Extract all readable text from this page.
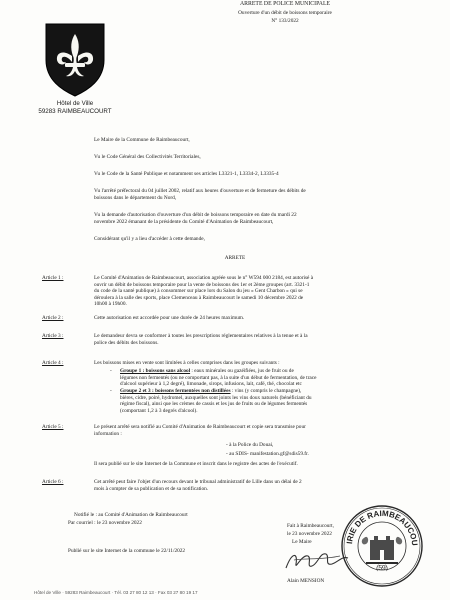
Hôtel de Ville
59283 RAIMBEAUCOURT
ARRETE DE POLICE MUNICIPALE
Ouverture d'un débit de boissons temporaire
N° 133/2022
Le Maire de la Commune de Raimbeaucourt,
Vu le Code Général des Collectivités Territoriales,
Vu le Code de la Santé Publique et notamment ses articles L3321-1, L3334-2, L3335-4
Vu l'arrêté préfectoral du 04 juillet 2002, relatif aux heures d'ouverture et de fermeture des débits de
boissons dans le département du Nord,
Vu la demande d'autorisation d'ouverture d'un débit de boissons temporaire en date du mardi 22
novembre 2022 émanant de la présidente du Comité d'Animation de Raimbeaucourt,
Considérant qu'il y a lieu d'accéder à cette demande,
ARRETE
Article 1 :	Le Comité d'Animation de Raimbeaucourt, association agréée sous le n° W594 000 2184, est autorisé à
ouvrir un débit de boissons temporaire pour la vente de boissons des 1er et 2ème groupes (art. 3321-1
du code de la santé publique) à consommer sur place lors du Salon du jeu « Gent Charbon » qui se
déroulera à la salle des sports, place Clemenceau à Raimbeaucourt le samedi 10 décembre 2022 de
10h00 à 19h00.
Article 2 :	Cette autorisation est accordée pour une durée de 24 heures maximum.
Article 3 :	Le demandeur devra se conformer à toutes les prescriptions réglementaires relatives à la tenue et à la
police des débits des boissons.
Article 4 :	Les boissons mises en vente sont limitées à celles comprises dans les groupes suivants :
- Groupe 1 : boissons sans alcool : eaux minérales ou gazéifiées, jus de fruit ou de
légumes non fermentés (ou ne comportant pas, à la suite d'un début de fermentation, de trace
d'alcool supérieur à 1,2 degré), limonade, sirops, infusions, lait, café, thé, chocolat etc
- Groupe 2 et 3 : boissons fermentées non distillées : vins (y compris le champagne),
bières, cidre, poiré, hydromel, auxquelles sont joints les vins doux naturels (bénéficiant du
régime fiscal), ainsi que les crèmes de cassis et les jus de fruits ou de légumes fermentés
(comportant 1,2 à 3 degrés d'alcool).
Article 5 :	Le présent arrêté sera notifié au Comité d'Animation de Raimbeaucourt et copie sera transmise pour
information :
- à la Police du Douai,
- au SDIS- manifestation.gf@sdis59.fr.
Il sera publié sur le site Internet de la Commune et inscrit dans le registre des actes de l'exécutif.
Article 6 :	Cet arrêté peut faire l'objet d'un recours devant le tribunal administratif de Lille dans un délai de 2
mois à compter de sa publication et de sa notification.
Notifié le : au Comité d'Animation de Raimbeaucourt
Par courriel : le 23 novembre 2022
Publié sur le site Internet de la commune le 22/11/2022
Fait à Raimbeaucourt,
le 23 novembre 2022
Le Maire
Alain MENSION
IRIE DE RAIMBEAUCOU
(59)
Hôtel de Ville · 59283 Raimbeaucourt · Tél. 03 27 80 12 13 · Fax 03 27 80 19 17
